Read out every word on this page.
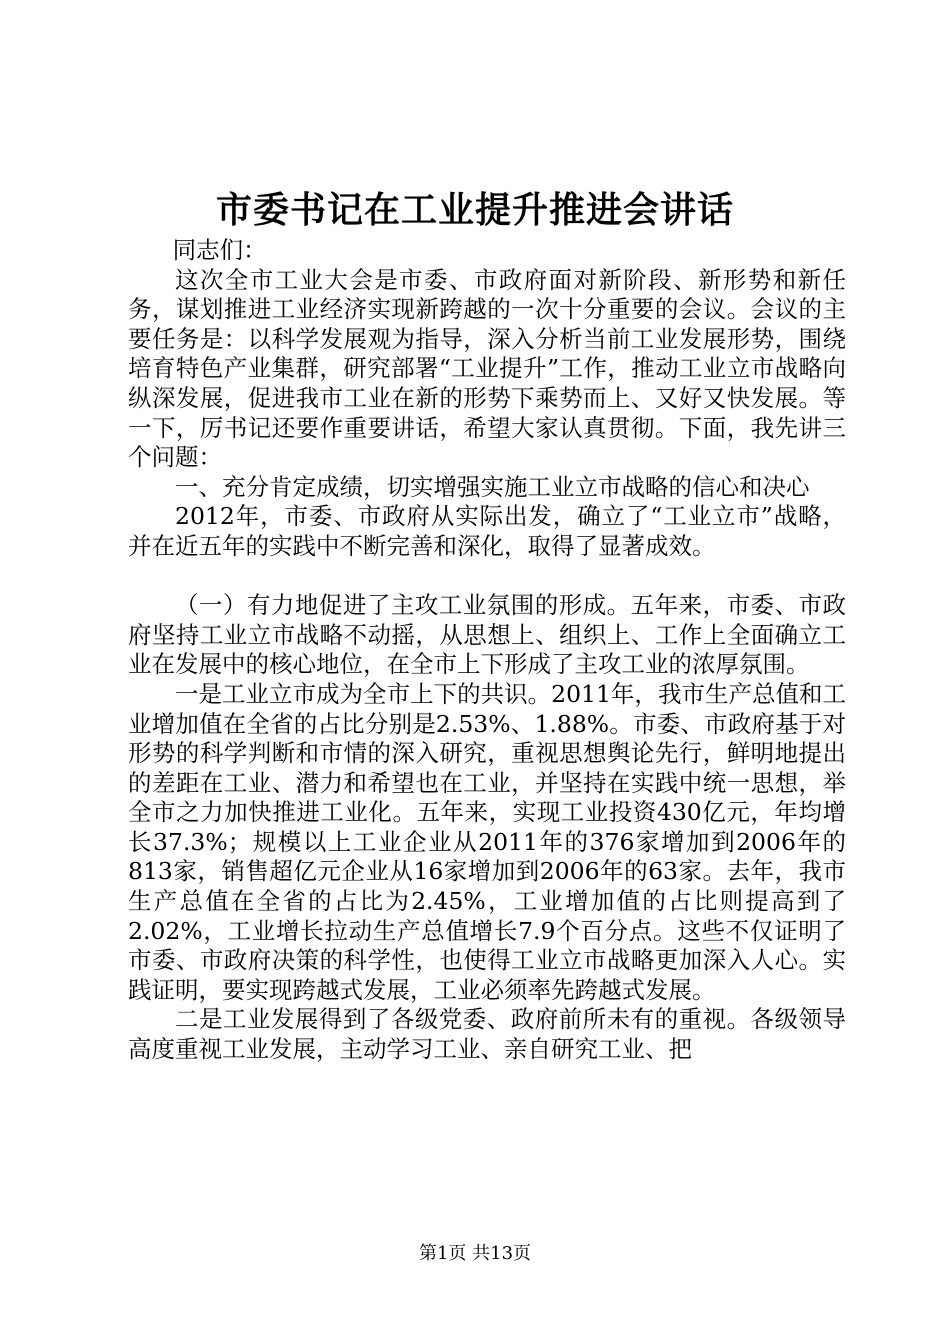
市委书记在工业提升推进会讲话

同志们：

这次全市工业大会是市委、市政府面对新阶段、新形势和新任务，谋划推进工业经济实现新跨越的一次十分重要的会议。会议的主要任务是：以科学发展观为指导，深入分析当前工业发展形势，围绕培育特色产业集群，研究部署“工业提升”工作，推动工业立市战略向纵深发展，促进我市工业在新的形势下乘势而上、又好又快发展。等一下，厉书记还要作重要讲话，希望大家认真贯彻。下面，我先讲三个问题：

一、充分肯定成绩，切实增强实施工业立市战略的信心和决心

2012年，市委、市政府从实际出发，确立了“工业立市”战略，并在近五年的实践中不断完善和深化，取得了显著成效。

（一）有力地促进了主攻工业氛围的形成。五年来，市委、市政府坚持工业立市战略不动摇，从思想上、组织上、工作上全面确立工业在发展中的核心地位，在全市上下形成了主攻工业的浓厚氛围。

一是工业立市成为全市上下的共识。2011年，我市生产总值和工业增加值在全省的占比分别是2.53%、1.88%。市委、市政府基于对形势的科学判断和市情的深入研究，重视思想舆论先行，鲜明地提出的差距在工业、潜力和希望也在工业，并坚持在实践中统一思想，举全市之力加快推进工业化。五年来，实现工业投资430亿元，年均增长37.3%；规模以上工业企业从2011年的376家增加到2006年的813家，销售超亿元企业从16家增加到2006年的63家。去年，我市生产总值在全省的占比为2.45%，工业增加值的占比则提高到了2.02%，工业增长拉动生产总值增长7.9个百分点。这些不仅证明了市委、市政府决策的科学性，也使得工业立市战略更加深入人心。实践证明，要实现跨越式发展，工业必须率先跨越式发展。

二是工业发展得到了各级党委、政府前所未有的重视。各级领导高度重视工业发展，主动学习工业、亲自研究工业、把

第1页 共13页
